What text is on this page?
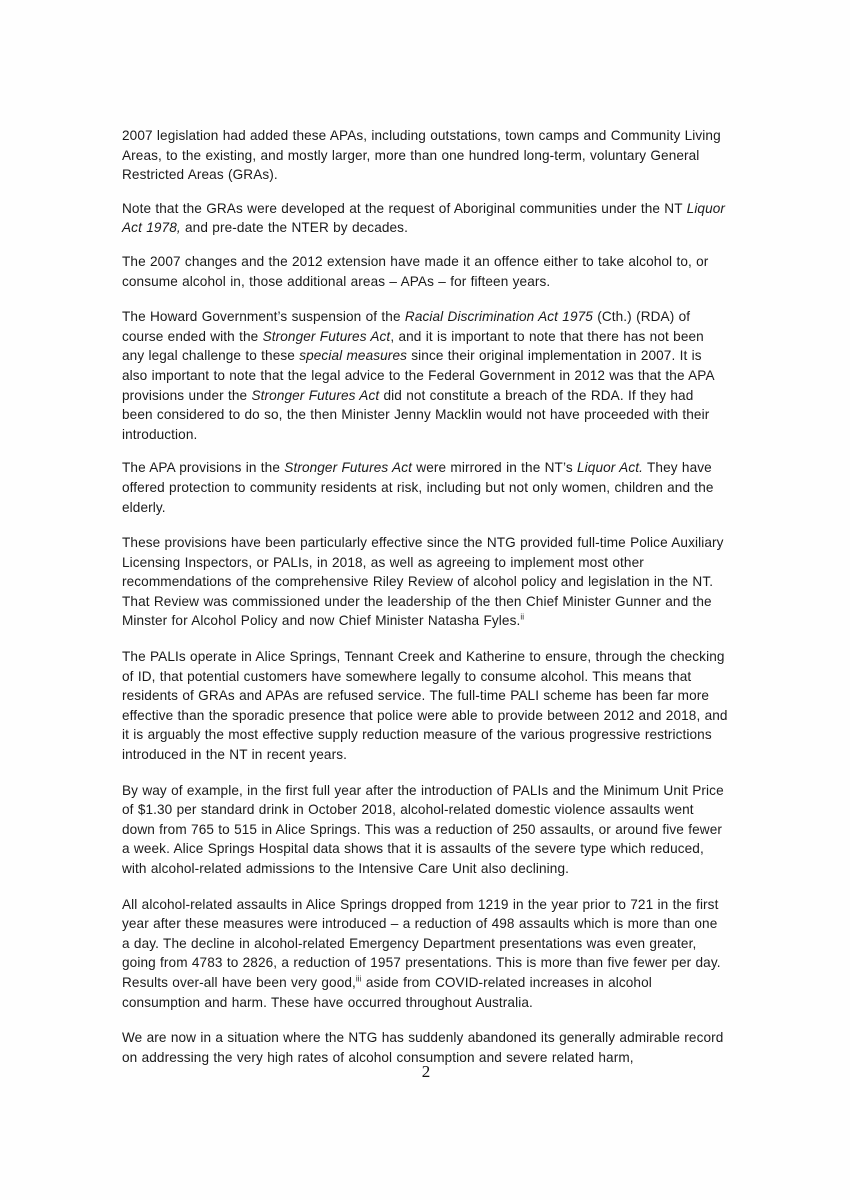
2007 legislation had added these APAs, including outstations, town camps and Community Living Areas, to the existing, and mostly larger, more than one hundred long-term, voluntary General Restricted Areas (GRAs).

Note that the GRAs were developed at the request of Aboriginal communities under the NT Liquor Act 1978, and pre-date the NTER by decades.

The 2007 changes and the 2012 extension have made it an offence either to take alcohol to, or consume alcohol in, those additional areas – APAs – for fifteen years.

The Howard Government’s suspension of the Racial Discrimination Act 1975 (Cth.) (RDA) of course ended with the Stronger Futures Act, and it is important to note that there has not been any legal challenge to these special measures since their original implementation in 2007. It is also important to note that the legal advice to the Federal Government in 2012 was that the APA provisions under the Stronger Futures Act did not constitute a breach of the RDA. If they had been considered to do so, the then Minister Jenny Macklin would not have proceeded with their introduction.

The APA provisions in the Stronger Futures Act were mirrored in the NT’s Liquor Act. They have offered protection to community residents at risk, including but not only women, children and the elderly.

These provisions have been particularly effective since the NTG provided full-time Police Auxiliary Licensing Inspectors, or PALIs, in 2018, as well as agreeing to implement most other recommendations of the comprehensive Riley Review of alcohol policy and legislation in the NT. That Review was commissioned under the leadership of the then Chief Minister Gunner and the Minster for Alcohol Policy and now Chief Minister Natasha Fyles.$^{ii}$

The PALIs operate in Alice Springs, Tennant Creek and Katherine to ensure, through the checking of ID, that potential customers have somewhere legally to consume alcohol. This means that residents of GRAs and APAs are refused service. The full-time PALI scheme has been far more effective than the sporadic presence that police were able to provide between 2012 and 2018, and it is arguably the most effective supply reduction measure of the various progressive restrictions introduced in the NT in recent years.

By way of example, in the first full year after the introduction of PALIs and the Minimum Unit Price of $1.30 per standard drink in October 2018, alcohol-related domestic violence assaults went down from 765 to 515 in Alice Springs. This was a reduction of 250 assaults, or around five fewer a week. Alice Springs Hospital data shows that it is assaults of the severe type which reduced, with alcohol-related admissions to the Intensive Care Unit also declining.

All alcohol-related assaults in Alice Springs dropped from 1219 in the year prior to 721 in the first year after these measures were introduced – a reduction of 498 assaults which is more than one a day. The decline in alcohol-related Emergency Department presentations was even greater, going from 4783 to 2826, a reduction of 1957 presentations. This is more than five fewer per day. Results over-all have been very good,$^{iii}$ aside from COVID-related increases in alcohol consumption and harm. These have occurred throughout Australia.

We are now in a situation where the NTG has suddenly abandoned its generally admirable record on addressing the very high rates of alcohol consumption and severe related harm,

2
